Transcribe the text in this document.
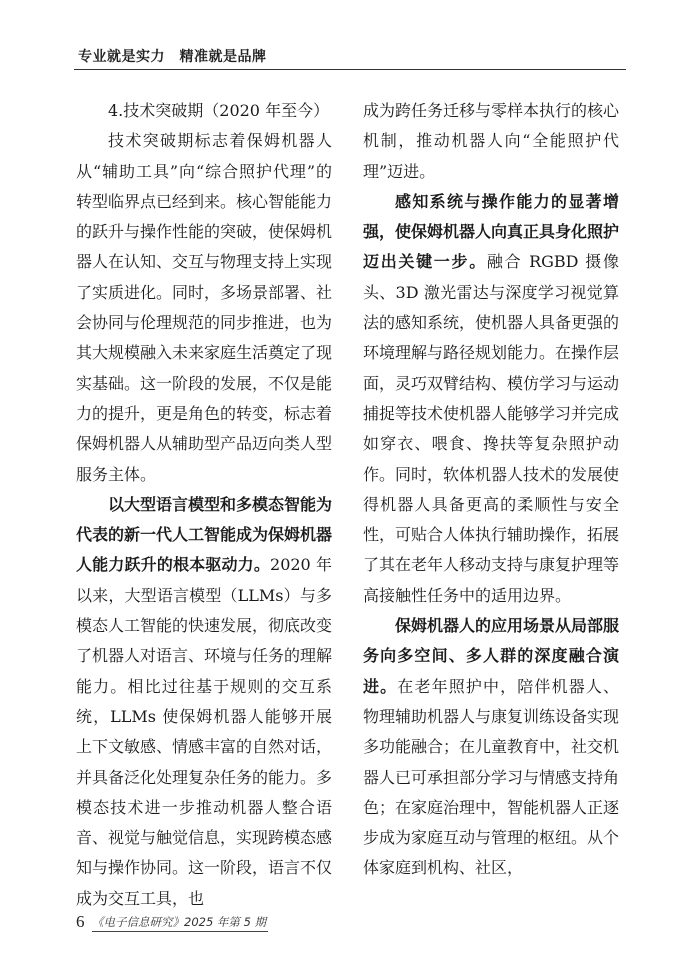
专业就是实力　精准就是品牌

4.技术突破期（2020 年至今）

技术突破期标志着保姆机器人从“辅助工具”向“综合照护代理”的转型临界点已经到来。核心智能能力的跃升与操作性能的突破，使保姆机器人在认知、交互与物理支持上实现了实质进化。同时，多场景部署、社会协同与伦理规范的同步推进，也为其大规模融入未来家庭生活奠定了现实基础。这一阶段的发展，不仅是能力的提升，更是角色的转变，标志着保姆机器人从辅助型产品迈向类人型服务主体。

以大型语言模型和多模态智能为代表的新一代人工智能成为保姆机器人能力跃升的根本驱动力。2020 年以来，大型语言模型（LLMs）与多模态人工智能的快速发展，彻底改变了机器人对语言、环境与任务的理解能力。相比过往基于规则的交互系统，LLMs 使保姆机器人能够开展上下文敏感、情感丰富的自然对话，并具备泛化处理复杂任务的能力。多模态技术进一步推动机器人整合语音、视觉与触觉信息，实现跨模态感知与操作协同。这一阶段，语言不仅成为交互工具，也

成为跨任务迁移与零样本执行的核心机制，推动机器人向“全能照护代理”迈进。

感知系统与操作能力的显著增强，使保姆机器人向真正具身化照护迈出关键一步。融合 RGBD 摄像头、3D 激光雷达与深度学习视觉算法的感知系统，使机器人具备更强的环境理解与路径规划能力。在操作层面，灵巧双臂结构、模仿学习与运动捕捉等技术使机器人能够学习并完成如穿衣、喂食、搀扶等复杂照护动作。同时，软体机器人技术的发展使得机器人具备更高的柔顺性与安全性，可贴合人体执行辅助操作，拓展了其在老年人移动支持与康复护理等高接触性任务中的适用边界。

保姆机器人的应用场景从局部服务向多空间、多人群的深度融合演进。在老年照护中，陪伴机器人、物理辅助机器人与康复训练设备实现多功能融合；在儿童教育中，社交机器人已可承担部分学习与情感支持角色；在家庭治理中，智能机器人正逐步成为家庭互动与管理的枢纽。从个体家庭到机构、社区，

6 《电子信息研究》2025 年第 5 期
